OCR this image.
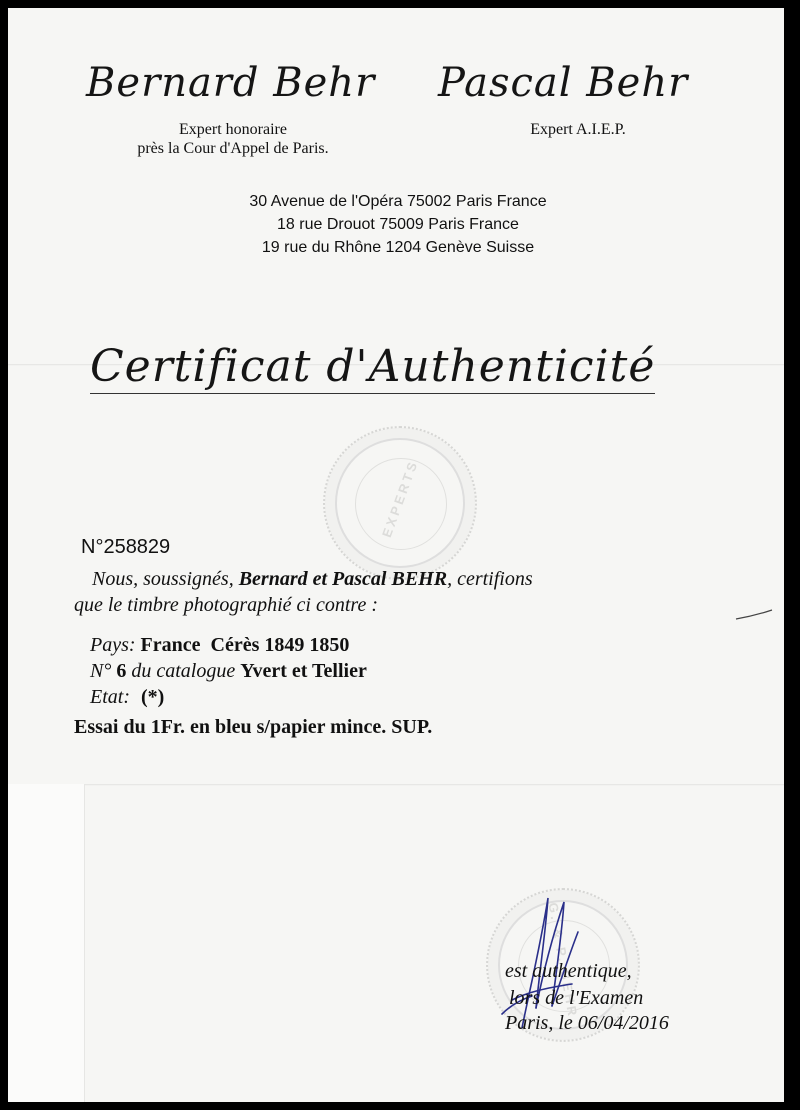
Bernard Behr Pascal Behr
Expert honoraire
près la Cour d'Appel de Paris.
Expert A.I.E.P.
30 Avenue de l'Opéra 75002 Paris France
18 rue Drouot 75009 Paris France
19 rue du Rhône 1204 Genève Suisse
Certificat d'Authenticité
EXPERTS
N°258829
Nous, soussignés, Bernard et Pascal BEHR, certifions
que le timbre photographié ci contre :
Pays: France  Cérès 1849 1850
N° 6 du catalogue Yvert et Tellier
Etat: (*)
Essai du 1Fr. en bleu s/papier mince. SUP.
G. & P. BEHR
est authentique,
lors de l'Examen
Paris, le 06/04/2016
